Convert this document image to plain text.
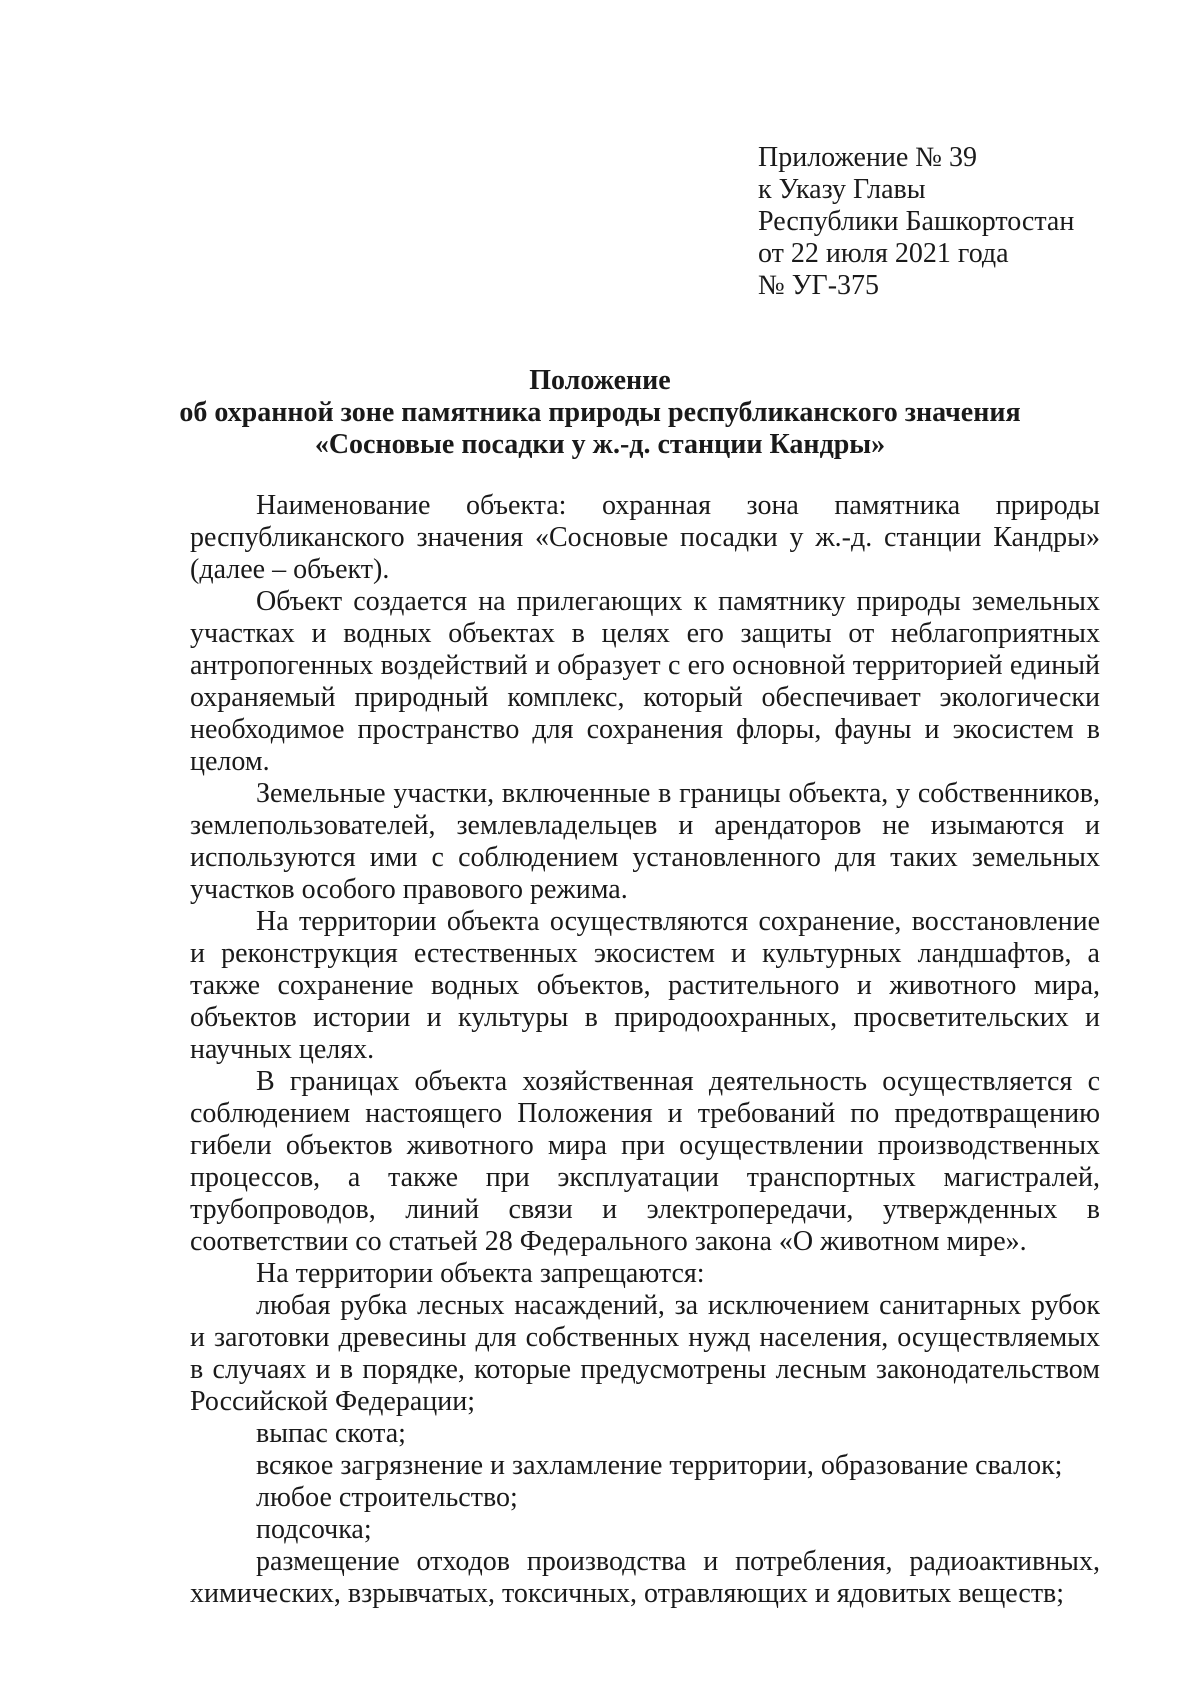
Приложение № 39
к Указу Главы
Республики Башкортостан
от 22 июля 2021 года
№ УГ-375
Положение
об охранной зоне памятника природы республиканского значения
«Сосновые посадки у ж.-д. станции Кандры»

Наименование объекта: охранная зона памятника природы республиканского значения «Сосновые посадки у ж.-д. станции Кандры» (далее – объект).

Объект создается на прилегающих к памятнику природы земельных участках и водных объектах в целях его защиты от неблагоприятных антропогенных воздействий и образует с его основной территорией единый охраняемый природный комплекс, который обеспечивает экологически необходимое пространство для сохранения флоры, фауны и экосистем в целом.

Земельные участки, включенные в границы объекта, у собственников, землепользователей, землевладельцев и арендаторов не изымаются и используются ими с соблюдением установленного для таких земельных участков особого правового режима.

На территории объекта осуществляются сохранение, восстановление и реконструкция естественных экосистем и культурных ландшафтов, а также сохранение водных объектов, растительного и животного мира, объектов истории и культуры в природоохранных, просветительских и научных целях.

В границах объекта хозяйственная деятельность осуществляется с соблюдением настоящего Положения и требований по предотвращению гибели объектов животного мира при осуществлении производственных процессов, а также при эксплуатации транспортных магистралей, трубопроводов, линий связи и электропередачи, утвержденных в соответствии со статьей 28 Федерального закона «О животном мире».

На территории объекта запрещаются:

любая рубка лесных насаждений, за исключением санитарных рубок и заготовки древесины для собственных нужд населения, осуществляемых в случаях и в порядке, которые предусмотрены лесным законодательством Российской Федерации;

выпас скота;

всякое загрязнение и захламление территории, образование свалок;

любое строительство;

подсочка;

размещение отходов производства и потребления, радиоактивных, химических, взрывчатых, токсичных, отравляющих и ядовитых веществ;
